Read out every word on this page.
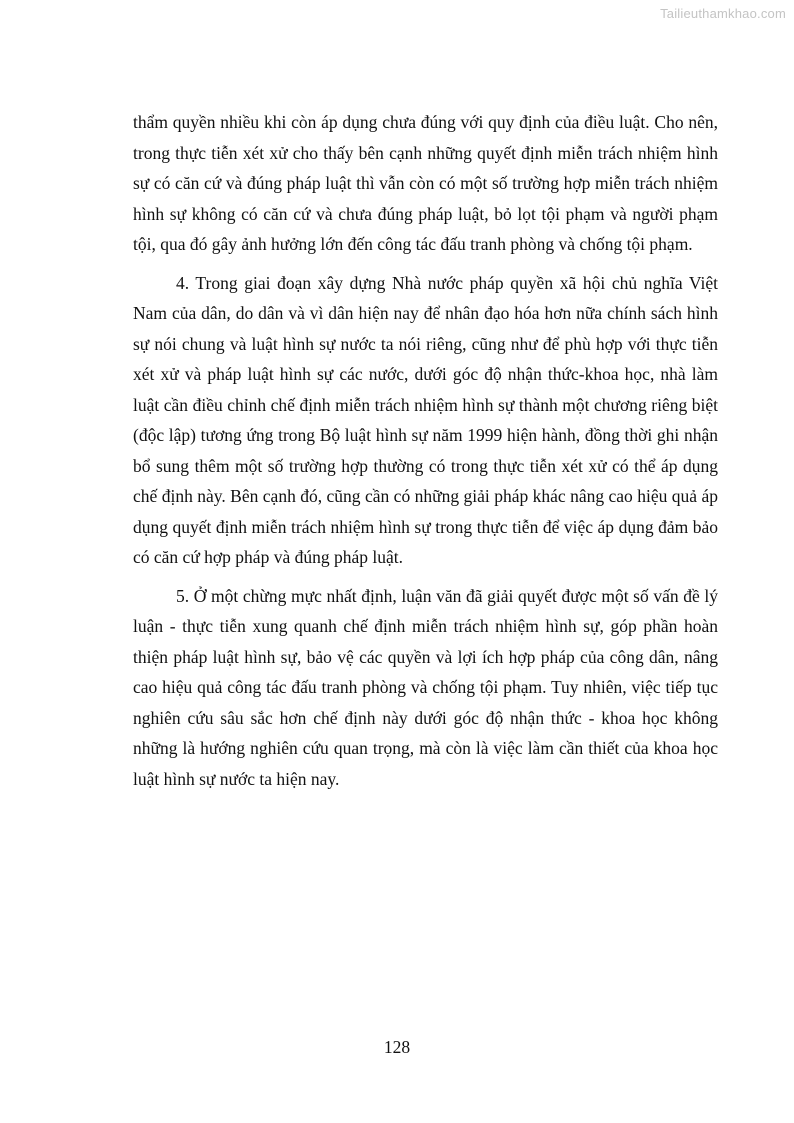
Tailieuthamkhao.com

thẩm quyền nhiều khi còn áp dụng chưa đúng với quy định của điều luật. Cho nên, trong thực tiễn xét xử cho thấy bên cạnh những quyết định miễn trách nhiệm hình sự có căn cứ và đúng pháp luật thì vẫn còn có một số trường hợp miễn trách nhiệm hình sự không có căn cứ và chưa đúng pháp luật, bỏ lọt tội phạm và người phạm tội, qua đó gây ảnh hưởng lớn đến công tác đấu tranh phòng và chống tội phạm.

4. Trong giai đoạn xây dựng Nhà nước pháp quyền xã hội chủ nghĩa Việt Nam của dân, do dân và vì dân hiện nay để nhân đạo hóa hơn nữa chính sách hình sự nói chung và luật hình sự nước ta nói riêng, cũng như để phù hợp với thực tiễn xét xử và pháp luật hình sự các nước, dưới góc độ nhận thức-khoa học, nhà làm luật cần điều chỉnh chế định miễn trách nhiệm hình sự thành một chương riêng biệt (độc lập) tương ứng trong Bộ luật hình sự năm 1999 hiện hành, đồng thời ghi nhận bổ sung thêm một số trường hợp thường có trong thực tiễn xét xử có thể áp dụng chế định này. Bên cạnh đó, cũng cần có những giải pháp khác nâng cao hiệu quả áp dụng quyết định miễn trách nhiệm hình sự trong thực tiễn để việc áp dụng đảm bảo có căn cứ hợp pháp và đúng pháp luật.

5. Ở một chừng mực nhất định, luận văn đã giải quyết được một số vấn đề lý luận - thực tiễn xung quanh chế định miễn trách nhiệm hình sự, góp phần hoàn thiện pháp luật hình sự, bảo vệ các quyền và lợi ích hợp pháp của công dân, nâng cao hiệu quả công tác đấu tranh phòng và chống tội phạm. Tuy nhiên, việc tiếp tục nghiên cứu sâu sắc hơn chế định này dưới góc độ nhận thức - khoa học không những là hướng nghiên cứu quan trọng, mà còn là việc làm cần thiết của khoa học luật hình sự nước ta hiện nay.

128
